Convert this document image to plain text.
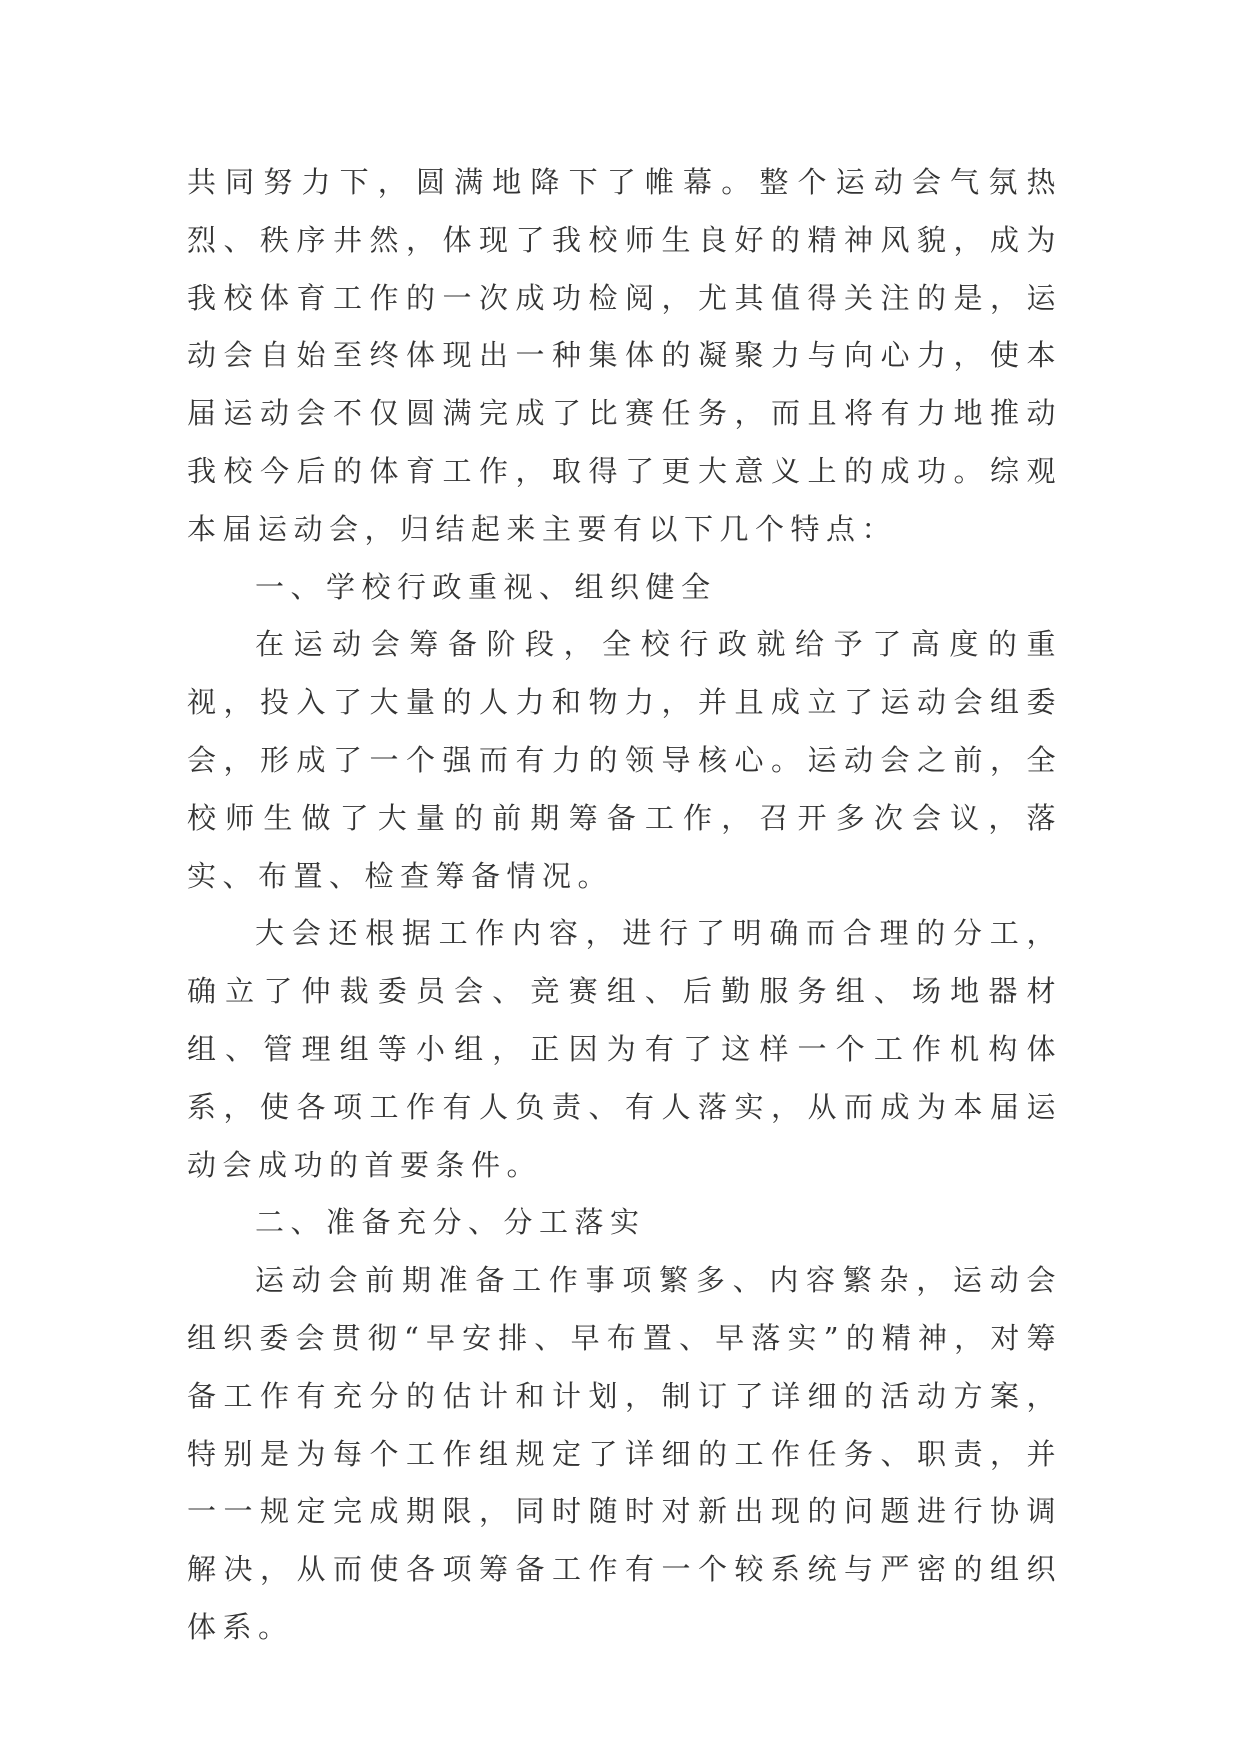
共同努力下，圆满地降下了帷幕。整个运动会气氛热烈、秩序井然，体现了我校师生良好的精神风貌，成为我校体育工作的一次成功检阅，尤其值得关注的是，运动会自始至终体现出一种集体的凝聚力与向心力，使本届运动会不仅圆满完成了比赛任务，而且将有力地推动我校今后的体育工作，取得了更大意义上的成功。综观本届运动会，归结起来主要有以下几个特点：

一、学校行政重视、组织健全

在运动会筹备阶段，全校行政就给予了高度的重视，投入了大量的人力和物力，并且成立了运动会组委会，形成了一个强而有力的领导核心。运动会之前，全校师生做了大量的前期筹备工作，召开多次会议，落实、布置、检查筹备情况。

大会还根据工作内容，进行了明确而合理的分工，确立了仲裁委员会、竞赛组、后勤服务组、场地器材组、管理组等小组，正因为有了这样一个工作机构体系，使各项工作有人负责、有人落实，从而成为本届运动会成功的首要条件。

二、准备充分、分工落实

运动会前期准备工作事项繁多、内容繁杂，运动会组织委会贯彻“早安排、早布置、早落实”的精神，对筹备工作有充分的估计和计划，制订了详细的活动方案，特别是为每个工作组规定了详细的工作任务、职责，并一一规定完成期限，同时随时对新出现的问题进行协调解决，从而使各项筹备工作有一个较系统与严密的组织体系。
